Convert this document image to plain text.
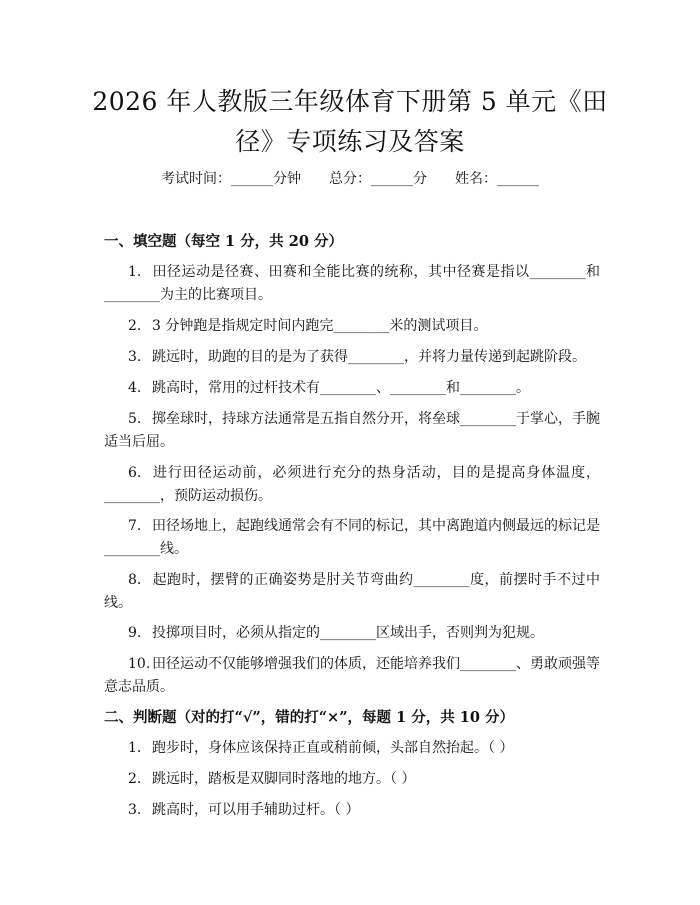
2026 年人教版三年级体育下册第 5 单元《田
径》专项练习及答案
考试时间：______分钟 总分：______分 姓名：______
一、填空题（每空 1 分，共 20 分）
1. 田径运动是径赛、田赛和全能比赛的统称，其中径赛是指以________和________为主的比赛项目。
2. 3 分钟跑是指规定时间内跑完________米的测试项目。
3. 跳远时，助跑的目的是为了获得________，并将力量传递到起跳阶段。
4. 跳高时，常用的过杆技术有________、________和________。
5. 掷垒球时，持球方法通常是五指自然分开，将垒球________于掌心，手腕适当后屈。
6. 进行田径运动前，必须进行充分的热身活动，目的是提高身体温度，________，预防运动损伤。
7. 田径场地上，起跑线通常会有不同的标记，其中离跑道内侧最远的标记是________线。
8. 起跑时，摆臂的正确姿势是肘关节弯曲约________度，前摆时手不过中线。
9. 投掷项目时，必须从指定的________区域出手，否则判为犯规。
10. 田径运动不仅能够增强我们的体质，还能培养我们________、勇敢顽强等意志品质。
二、判断题（对的打“√”，错的打“×”，每题 1 分，共 10 分）
1. 跑步时，身体应该保持正直或稍前倾，头部自然抬起。（ ）
2. 跳远时，踏板是双脚同时落地的地方。（ ）
3. 跳高时，可以用手辅助过杆。（ ）
